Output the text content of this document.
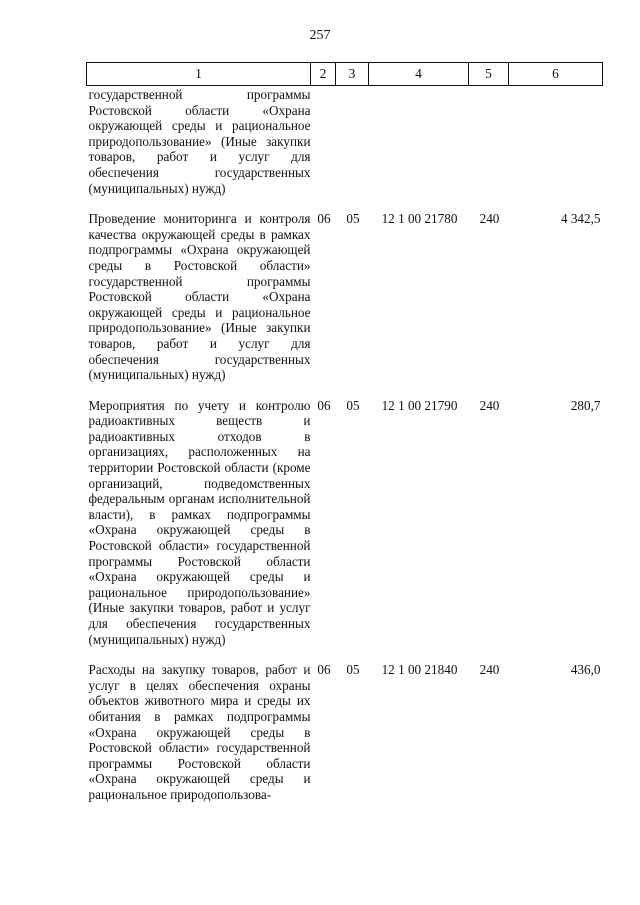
257
1	2	3	4	5	6
государственной программы Ростовской области «Охрана окружающей среды и рациональное природопользование» (Иные закупки товаров, работ и услуг для обеспечения государственных (муниципальных) нужд)					
Проведение мониторинга и контроля качества окружающей среды в рамках подпрограммы «Охрана окружающей среды в Ростовской области» государственной программы Ростовской области «Охрана окружающей среды и рациональное природопользование» (Иные закупки товаров, работ и услуг для обеспечения государственных (муниципальных) нужд)	06	05	12 1 00 21780	240	4 342,5
Мероприятия по учету и контролю радиоактивных веществ и радиоактивных отходов в организациях, расположенных на территории Ростовской области (кроме организаций, подведомственных федеральным органам исполнительной власти), в рамках подпрограммы «Охрана окружающей среды в Ростовской области» государственной программы Ростовской области «Охрана окружающей среды и рациональное природопользование» (Иные закупки товаров, работ и услуг для обеспечения государственных (муниципальных) нужд)	06	05	12 1 00 21790	240	280,7
Расходы на закупку товаров, работ и услуг в целях обеспечения охраны объектов животного мира и среды их обитания в рамках подпрограммы «Охрана окружающей среды в Ростовской области» государственной программы Ростовской области «Охрана окружающей среды и рациональное природопользова-	06	05	12 1 00 21840	240	436,0
